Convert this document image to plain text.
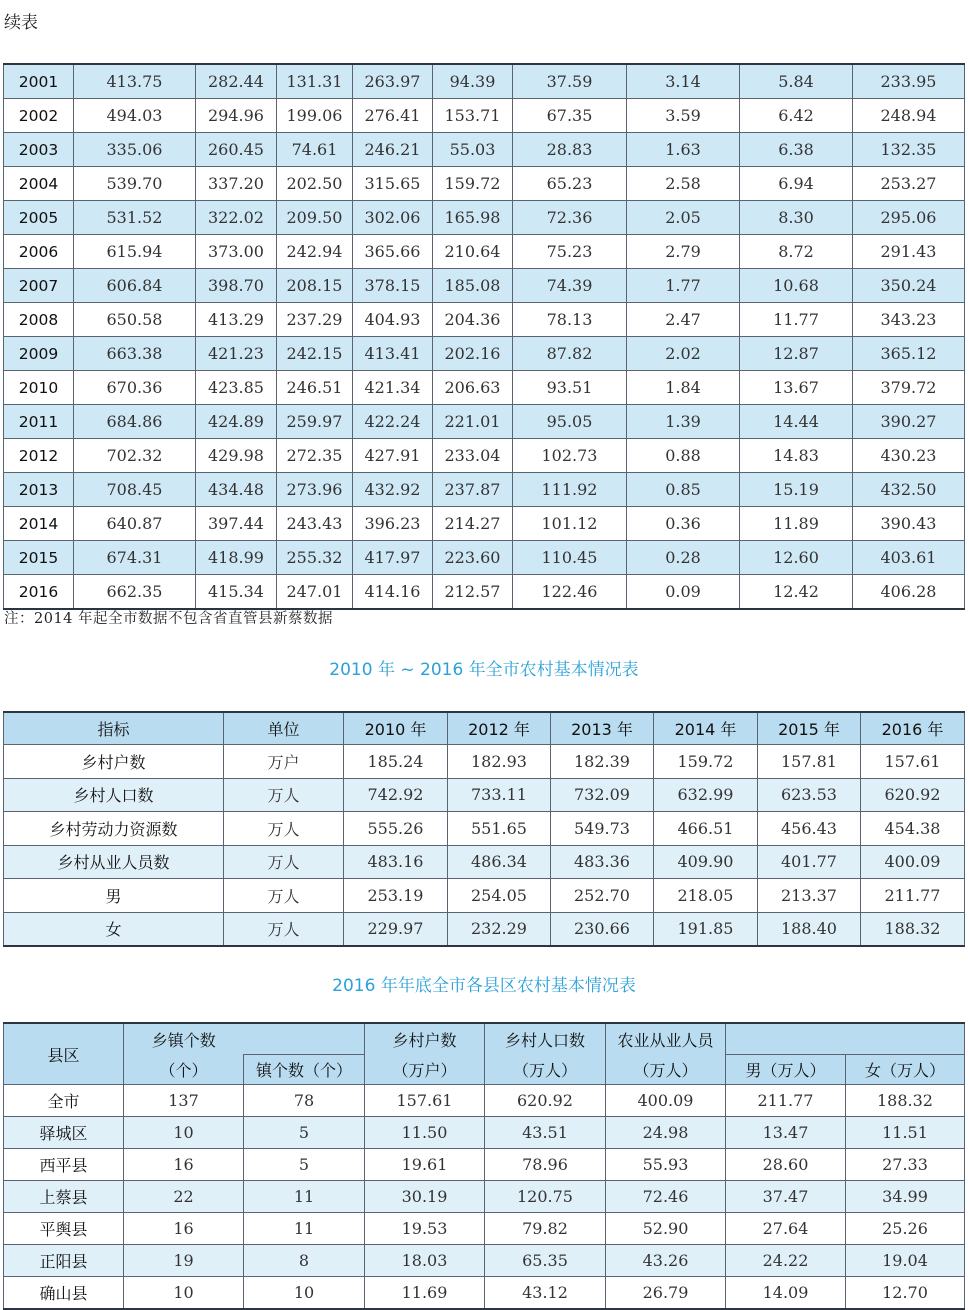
续表
2001	413.75	282.44	131.31	263.97	94.39	37.59	3.14	5.84	233.95
2002	494.03	294.96	199.06	276.41	153.71	67.35	3.59	6.42	248.94
2003	335.06	260.45	74.61	246.21	55.03	28.83	1.63	6.38	132.35
2004	539.70	337.20	202.50	315.65	159.72	65.23	2.58	6.94	253.27
2005	531.52	322.02	209.50	302.06	165.98	72.36	2.05	8.30	295.06
2006	615.94	373.00	242.94	365.66	210.64	75.23	2.79	8.72	291.43
2007	606.84	398.70	208.15	378.15	185.08	74.39	1.77	10.68	350.24
2008	650.58	413.29	237.29	404.93	204.36	78.13	2.47	11.77	343.23
2009	663.38	421.23	242.15	413.41	202.16	87.82	2.02	12.87	365.12
2010	670.36	423.85	246.51	421.34	206.63	93.51	1.84	13.67	379.72
2011	684.86	424.89	259.97	422.24	221.01	95.05	1.39	14.44	390.27
2012	702.32	429.98	272.35	427.91	233.04	102.73	0.88	14.83	430.23
2013	708.45	434.48	273.96	432.92	237.87	111.92	0.85	15.19	432.50
2014	640.87	397.44	243.43	396.23	214.27	101.12	0.36	11.89	390.43
2015	674.31	418.99	255.32	417.97	223.60	110.45	0.28	12.60	403.61
2016	662.35	415.34	247.01	414.16	212.57	122.46	0.09	12.42	406.28
注：2014 年起全市数据不包含省直管县新蔡数据
2010 年 ~ 2016 年全市农村基本情况表
指标	单位	2010 年	2012 年	2013 年	2014 年	2015 年	2016 年
乡村户数	万户	185.24	182.93	182.39	159.72	157.81	157.61
乡村人口数	万人	742.92	733.11	732.09	632.99	623.53	620.92
乡村劳动力资源数	万人	555.26	551.65	549.73	466.51	456.43	454.38
乡村从业人员数	万人	483.16	486.34	483.36	409.90	401.77	400.09
男	万人	253.19	254.05	252.70	218.05	213.37	211.77
女	万人	229.97	232.29	230.66	191.85	188.40	188.32
2016 年年底全市各县区农村基本情况表
县区	乡镇个数		乡村户数	乡村人口数	农业从业人员		
	（个）	镇个数（个）	（万户）	（万人）	（万人）	男（万人）	女（万人）
全市	137	78	157.61	620.92	400.09	211.77	188.32
驿城区	10	5	11.50	43.51	24.98	13.47	11.51
西平县	16	5	19.61	78.96	55.93	28.60	27.33
上蔡县	22	11	30.19	120.75	72.46	37.47	34.99
平舆县	16	11	19.53	79.82	52.90	27.64	25.26
正阳县	19	8	18.03	65.35	43.26	24.22	19.04
确山县	10	10	11.69	43.12	26.79	14.09	12.70
